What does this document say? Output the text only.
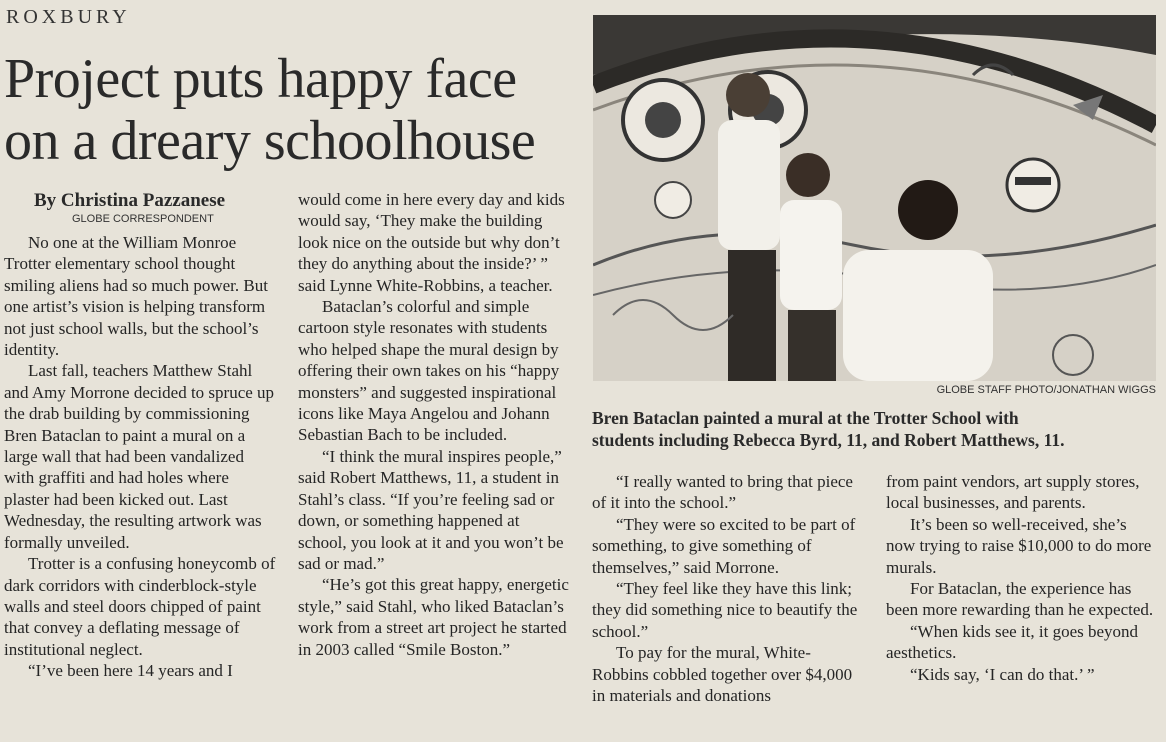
ROXBURY
Project puts happy face
on a dreary schoolhouse
By Christina Pazzanese
GLOBE CORRESPONDENT

No one at the William Monroe Trotter elementary school thought smiling aliens had so much power. But one artist’s vision is helping transform not just school walls, but the school’s identity.

Last fall, teachers Matthew Stahl and Amy Morrone decided to spruce up the drab building by commissioning Bren Bataclan to paint a mural on a large wall that had been vandalized with graffiti and had holes where plaster had been kicked out. Last Wednesday, the resulting artwork was formally unveiled.

Trotter is a confusing honeycomb of dark corridors with cinderblock-style walls and steel doors chipped of paint that convey a deflating message of institutional neglect.

“I’ve been here 14 years and I

would come in here every day and kids would say, ‘They make the building look nice on the outside but why don’t they do anything about the inside?’ ” said Lynne White-Robbins, a teacher.

Bataclan’s colorful and simple cartoon style resonates with students who helped shape the mural design by offering their own takes on his “happy monsters” and suggested inspirational icons like Maya Angelou and Johann Sebastian Bach to be included.

“I think the mural inspires people,” said Robert Matthews, 11, a student in Stahl’s class. “If you’re feeling sad or down, or something happened at school, you look at it and you won’t be sad or mad.”

“He’s got this great happy, energetic style,” said Stahl, who liked Bataclan’s work from a street art project he started in 2003 called “Smile Boston.”

GLOBE STAFF PHOTO/JONATHAN WIGGS
Bren Bataclan painted a mural at the Trotter School with
students including Rebecca Byrd, 11, and Robert Matthews, 11.

“I really wanted to bring that piece of it into the school.”

“They were so excited to be part of something, to give something of themselves,” said Morrone.

“They feel like they have this link; they did something nice to beautify the school.”

To pay for the mural, White-Robbins cobbled together over $4,000 in materials and donations

from paint vendors, art supply stores, local businesses, and parents.

It’s been so well-received, she’s now trying to raise $10,000 to do more murals.

For Bataclan, the experience has been more rewarding than he expected.

“When kids see it, it goes beyond aesthetics.

“Kids say, ‘I can do that.’ ”
